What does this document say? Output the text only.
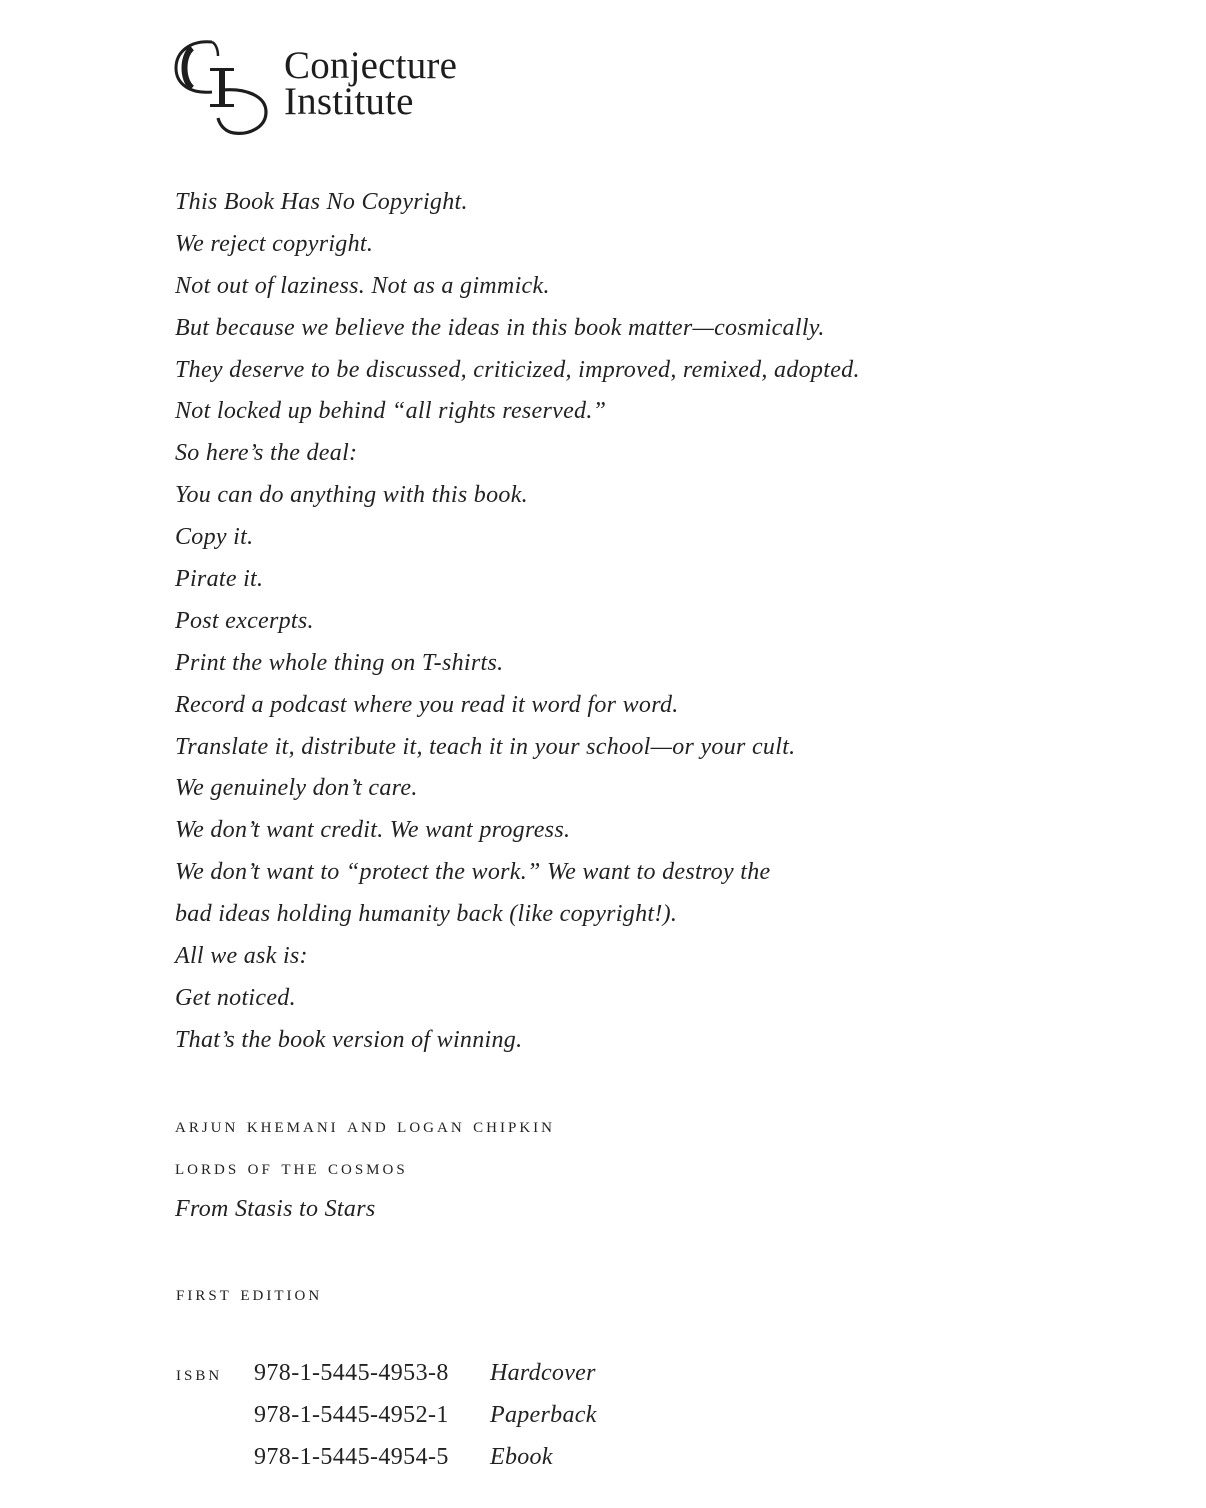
Conjecture
Institute
This Book Has No Copyright.
We reject copyright.
Not out of laziness. Not as a gimmick.
But because we believe the ideas in this book matter—cosmically.
They deserve to be discussed, criticized, improved, remixed, adopted.
Not locked up behind “all rights reserved.”
So here’s the deal:
You can do anything with this book.
Copy it.
Pirate it.
Post excerpts.
Print the whole thing on T-shirts.
Record a podcast where you read it word for word.
Translate it, distribute it, teach it in your school—or your cult.
We genuinely don’t care.
We don’t want credit. We want progress.
We don’t want to “protect the work.” We want to destroy the
bad ideas holding humanity back (like copyright!).
All we ask is:
Get noticed.
That’s the book version of winning.
arjun khemani and logan chipkin
lords of the cosmos
From Stasis to Stars
first edition
isbn	978-1-5445-4953-8	Hardcover
978-1-5445-4952-1	Paperback
978-1-5445-4954-5	Ebook
